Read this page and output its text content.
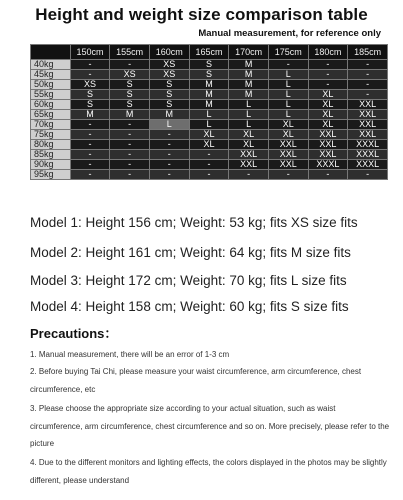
Height and weight size comparison table
Manual measurement, for reference only
	150cm	155cm	160cm	165cm	170cm	175cm	180cm	185cm
40kg	-	-	XS	S	M	-	-	-
45kg	-	XS	XS	S	M	L	-	-
50kg	XS	S	S	M	M	L	-	-
55kg	S	S	S	M	M	L	XL	-
60kg	S	S	S	M	L	L	XL	XXL
65kg	M	M	M	L	L	L	XL	XXL
70kg	-	-	L	L	L	XL	XL	XXL
75kg	-	-	-	XL	XL	XL	XXL	XXL
80kg	-	-	-	XL	XL	XXL	XXL	XXXL
85kg	-	-	-	-	XXL	XXL	XXL	XXXL
90kg	-	-	-	-	XXL	XXL	XXXL	XXXL
95kg	-	-	-	-	-	-	-	-
Model 1: Height 156 cm; Weight: 53 kg; fits XS size fits
Model 2: Height 161 cm; Weight: 64 kg; fits M size fits
Model 3: Height 172 cm; Weight: 70 kg; fits L size fits
Model 4: Height 158 cm; Weight: 60 kg; fits S size fits
Precautions：
1. Manual measurement, there will be an error of 1-3 cm
2. Before buying Tai Chi, please measure your waist circumference, arm circumference, chest circumference, etc
3. Please choose the appropriate size according to your actual situation, such as waist circumference, arm circumference, chest circumference and so on. More precisely, please refer to the picture
4. Due to the different monitors and lighting effects, the colors displayed in the photos may be slightly different, please understand
